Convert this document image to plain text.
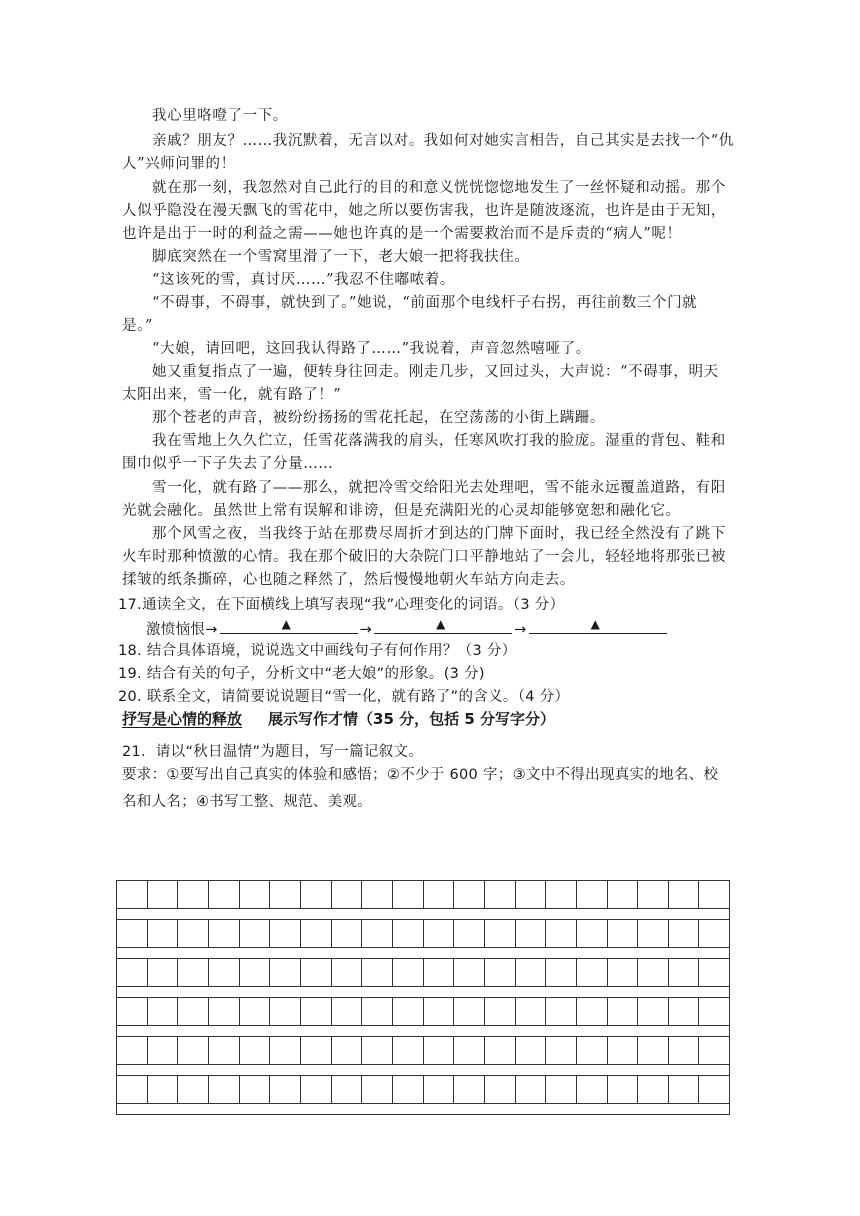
我心里咯噔了一下。
亲戚？朋友？……我沉默着，无言以对。我如何对她实言相告，自己其实是去找一个“仇
人”兴师问罪的！
就在那一刻，我忽然对自己此行的目的和意义恍恍惚惚地发生了一丝怀疑和动摇。那个
人似乎隐没在漫天飘飞的雪花中，她之所以要伤害我，也许是随波逐流，也许是由于无知，
也许是出于一时的利益之需——她也许真的是一个需要救治而不是斥责的“病人”呢！
脚底突然在一个雪窝里滑了一下，老大娘一把将我扶住。
“这该死的雪，真讨厌……”我忍不住嘟哝着。
“不碍事，不碍事，就快到了。”她说，“前面那个电线杆子右拐，再往前数三个门就
是。”
“大娘，请回吧，这回我认得路了……”我说着，声音忽然嘻哑了。
她又重复指点了一遍，便转身往回走。刚走几步，又回过头，大声说：“不碍事，明天
太阳出来，雪一化，就有路了！”
那个苍老的声音，被纷纷扬扬的雪花托起，在空荡荡的小街上蹒跚。
我在雪地上久久伫立，任雪花落满我的肩头，任寒风吹打我的脸庞。湿重的背包、鞋和
围巾似乎一下子失去了分量……
雪一化，就有路了——那么，就把冷雪交给阳光去处理吧，雪不能永远覆盖道路，有阳
光就会融化。虽然世上常有误解和诽谤，但是充满阳光的心灵却能够宽恕和融化它。
那个风雪之夜，当我终于站在那费尽周折才到达的门牌下面时，我已经全然没有了跳下
火车时那种愤激的心情。我在那个破旧的大杂院门口平静地站了一会儿，轻轻地将那张已被
揉皱的纸条撕碎，心也随之释然了，然后慢慢地朝火车站方向走去。
17.通读全文，在下面横线上填写表现“我”心理变化的词语。（3 分）
激愤恼恨→	▲	→	▲	→	▲
18. 结合具体语境，说说选文中画线句子有何作用？（3 分）
19. 结合有关的句子，分析文中“老大娘”的形象。(3 分)
20. 联系全文，请简要说说题目“雪一化，就有路了”的含义。（4 分）
抒写是心情的释放 展示写作才情（35 分，包括 5 分写字分）
21．请以“秋日温情”为题目，写一篇记叙文。
要求：①要写出自己真实的体验和感悟；②不少于 600 字；③文中不得出现真实的地名、校
名和人名；④书写工整、规范、美观。
